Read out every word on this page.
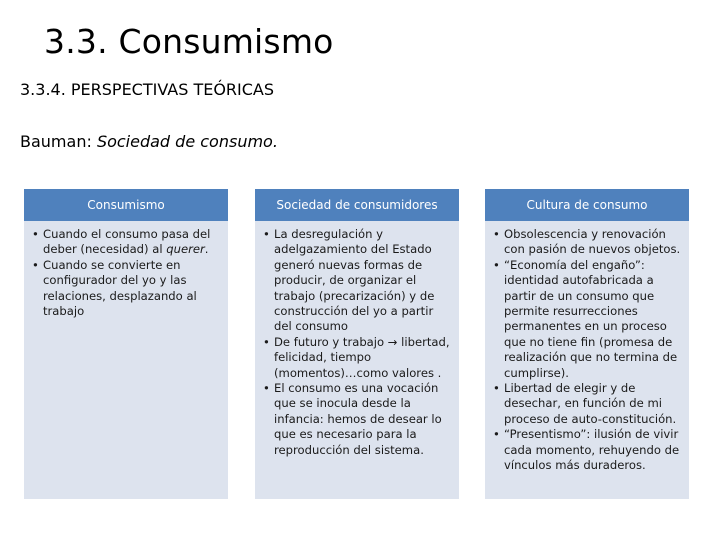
3.3. Consumismo
3.3.4. PERSPECTIVAS TEÓRICAS
Bauman: Sociedad de consumo.
Consumismo
• Cuando el consumo pasa del deber (necesidad) al querer.
• Cuando se convierte en configurador del yo y las relaciones, desplazando al trabajo
Sociedad de consumidores
• La desregulación y adelgazamiento del Estado generó nuevas formas de producir, de organizar el trabajo (precarización) y de construcción del yo a partir del consumo
• De futuro y trabajo → libertad, felicidad, tiempo (momentos)…como valores .
• El consumo es una vocación que se inocula desde la infancia: hemos de desear lo que es necesario para la reproducción del sistema.
Cultura de consumo
• Obsolescencia y renovación con pasión de nuevos objetos.
• “Economía del engaño”: identidad autofabricada a partir de un consumo que permite resurrecciones permanentes en un proceso que no tiene fin (promesa de realización que no termina de cumplirse).
• Libertad de elegir y de desechar, en función de mi proceso de auto-constitución.
• “Presentismo”: ilusión de vivir cada momento, rehuyendo de vínculos más duraderos.
